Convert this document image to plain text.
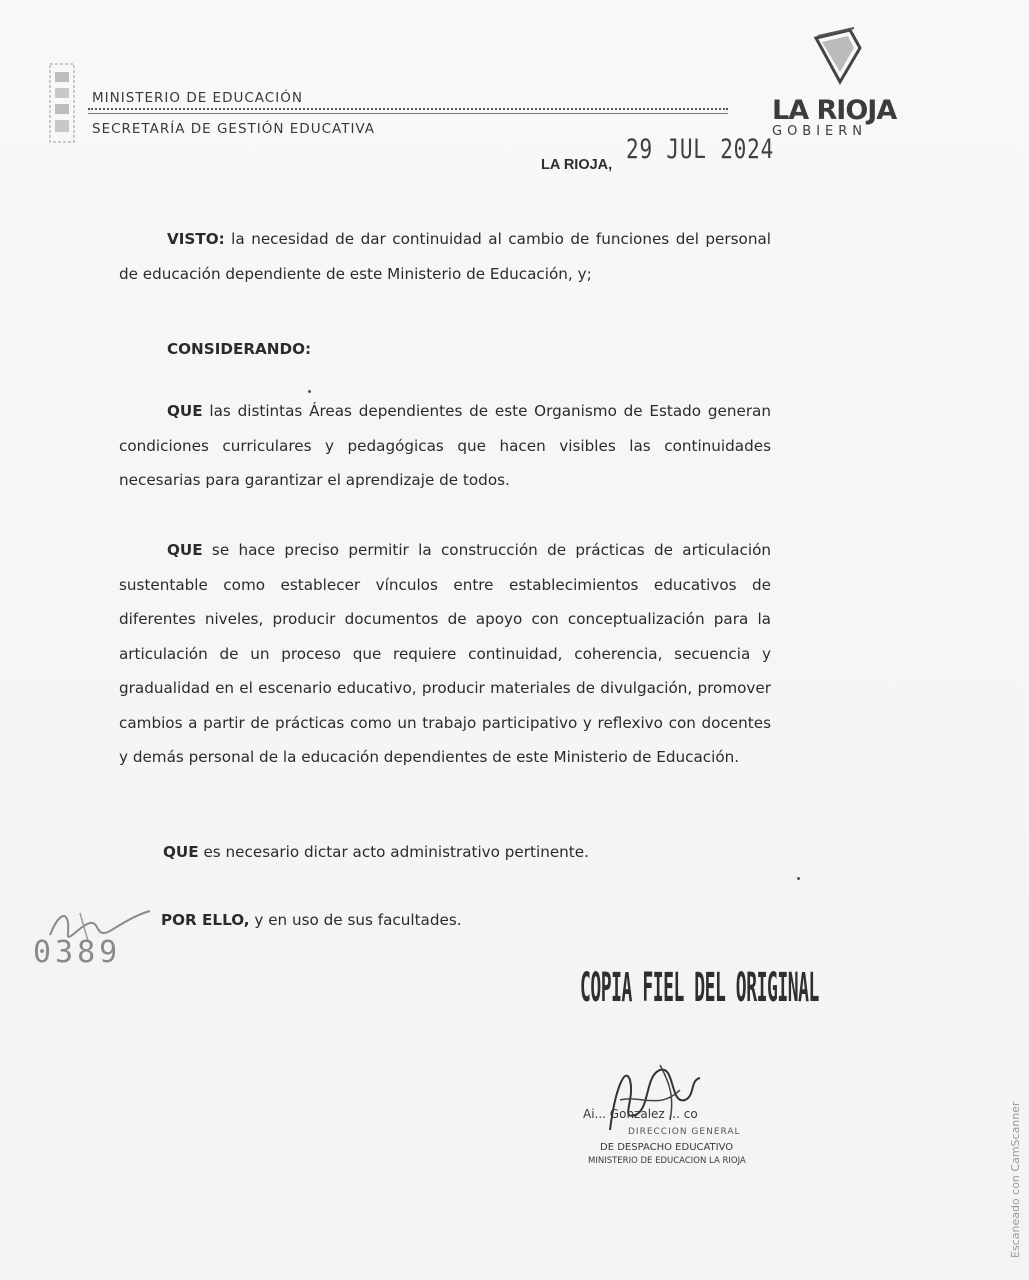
MINISTERIO DE EDUCACIÓN
SECRETARÍA DE GESTIÓN EDUCATIVA
LA RIOJA
GOBIERN
LA RIOJA, 29 JUL 2024
VISTO: la necesidad de dar continuidad al cambio de funciones del personal de educación dependiente de este Ministerio de Educación, y;
CONSIDERANDO:
QUE las distintas Áreas dependientes de este Organismo de Estado generan condiciones curriculares y pedagógicas que hacen visibles las continuidades necesarias para garantizar el aprendizaje de todos.
QUE se hace preciso permitir la construcción de prácticas de articulación sustentable como establecer vínculos entre establecimientos educativos de diferentes niveles, producir documentos de apoyo con conceptualización para la articulación de un proceso que requiere continuidad, coherencia, secuencia y gradualidad en el escenario educativo, producir materiales de divulgación, promover cambios a partir de prácticas como un trabajo participativo y reflexivo con docentes y demás personal de la educación dependientes de este Ministerio de Educación.
QUE es necesario dictar acto administrativo pertinente.
0389
POR ELLO, y en uso de sus facultades.
COPIA FIEL DEL ORIGINAL
Ai... Gonzalez ... co
DIRECCION GENERAL
DE DESPACHO EDUCATIVO
MINISTERIO DE EDUCACION LA RIOJA	Escaneado con CamScanner
